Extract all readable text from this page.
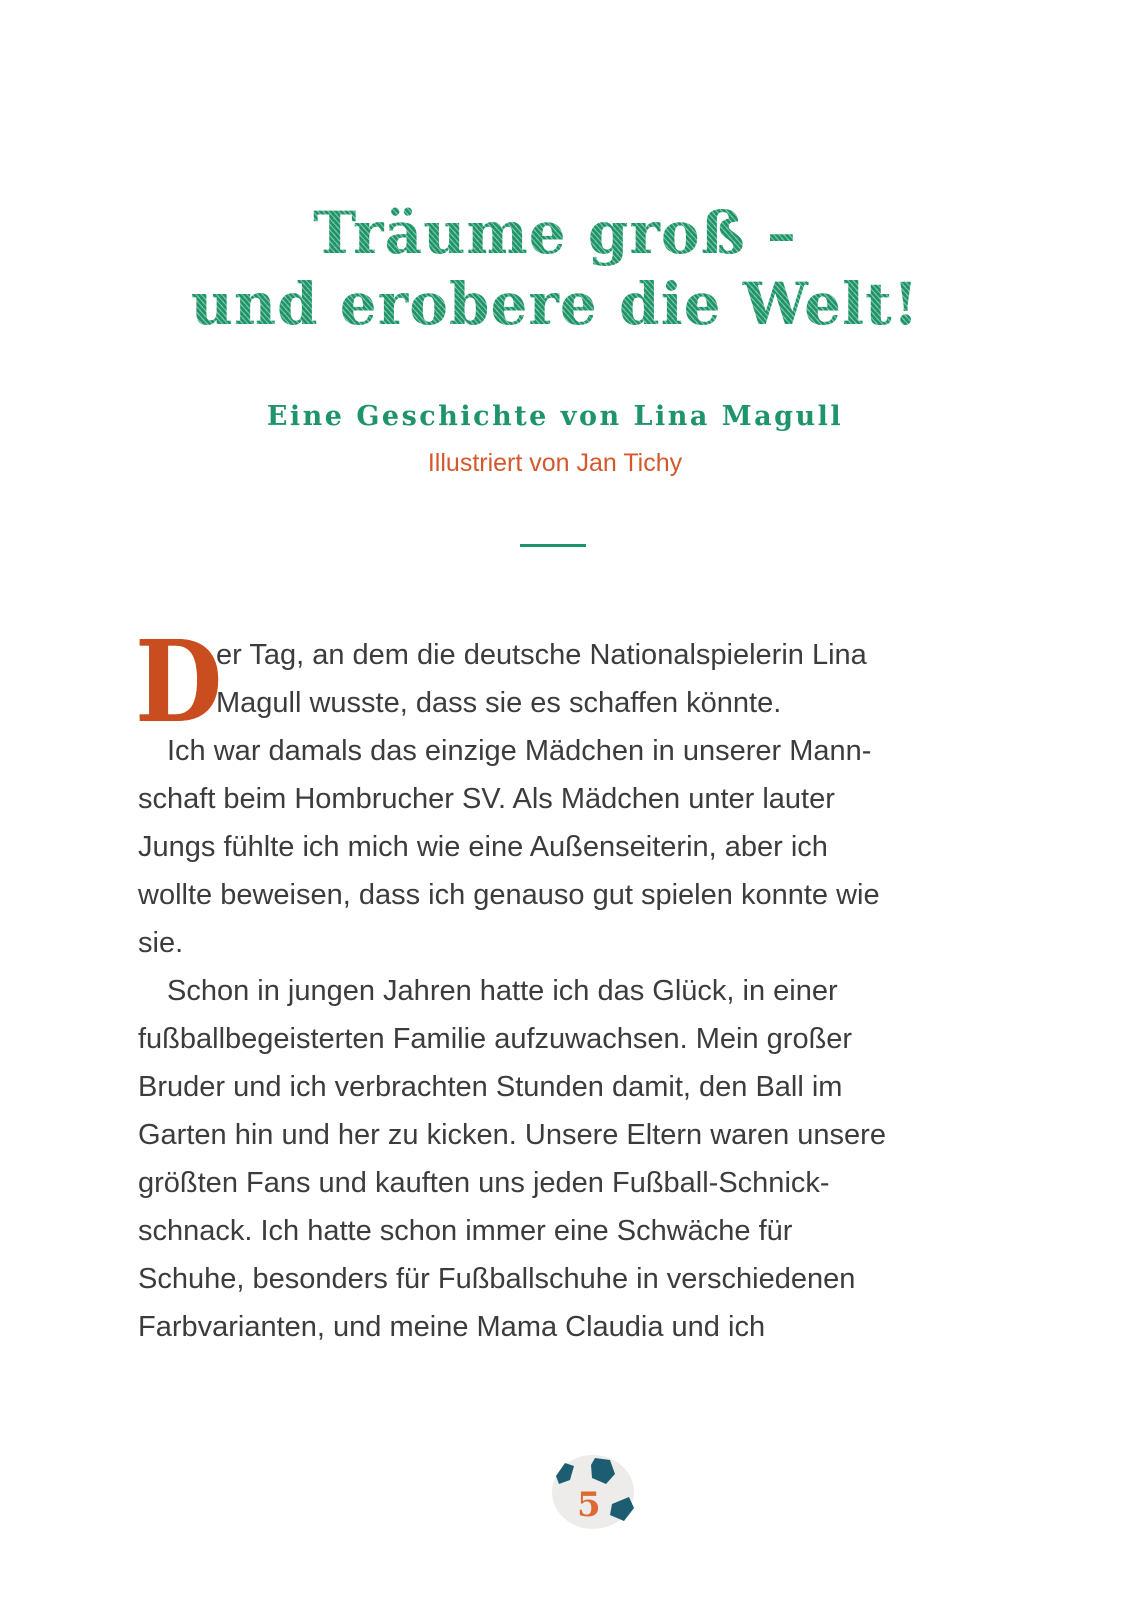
Träume groß –
und erobere die Welt!
Eine Geschichte von Lina Magull
Illustriert von Jan Tichy
D
er Tag, an dem die deutsche Nationalspielerin Lina
Magull wusste, dass sie es schaffen könnte.
Ich war damals das einzige Mädchen in unserer Mann-
schaft beim Hombrucher SV. Als Mädchen unter lauter
Jungs fühlte ich mich wie eine Außenseiterin, aber ich
wollte beweisen, dass ich genauso gut spielen konnte wie
sie.
Schon in jungen Jahren hatte ich das Glück, in einer
fußballbegeisterten Familie aufzuwachsen. Mein großer
Bruder und ich verbrachten Stunden damit, den Ball im
Garten hin und her zu kicken. Unsere Eltern waren unsere
größten Fans und kauften uns jeden Fußball-Schnick-
schnack. Ich hatte schon immer eine Schwäche für
Schuhe, besonders für Fußballschuhe in verschiedenen
Farbvarianten, und meine Mama Claudia und ich
5
